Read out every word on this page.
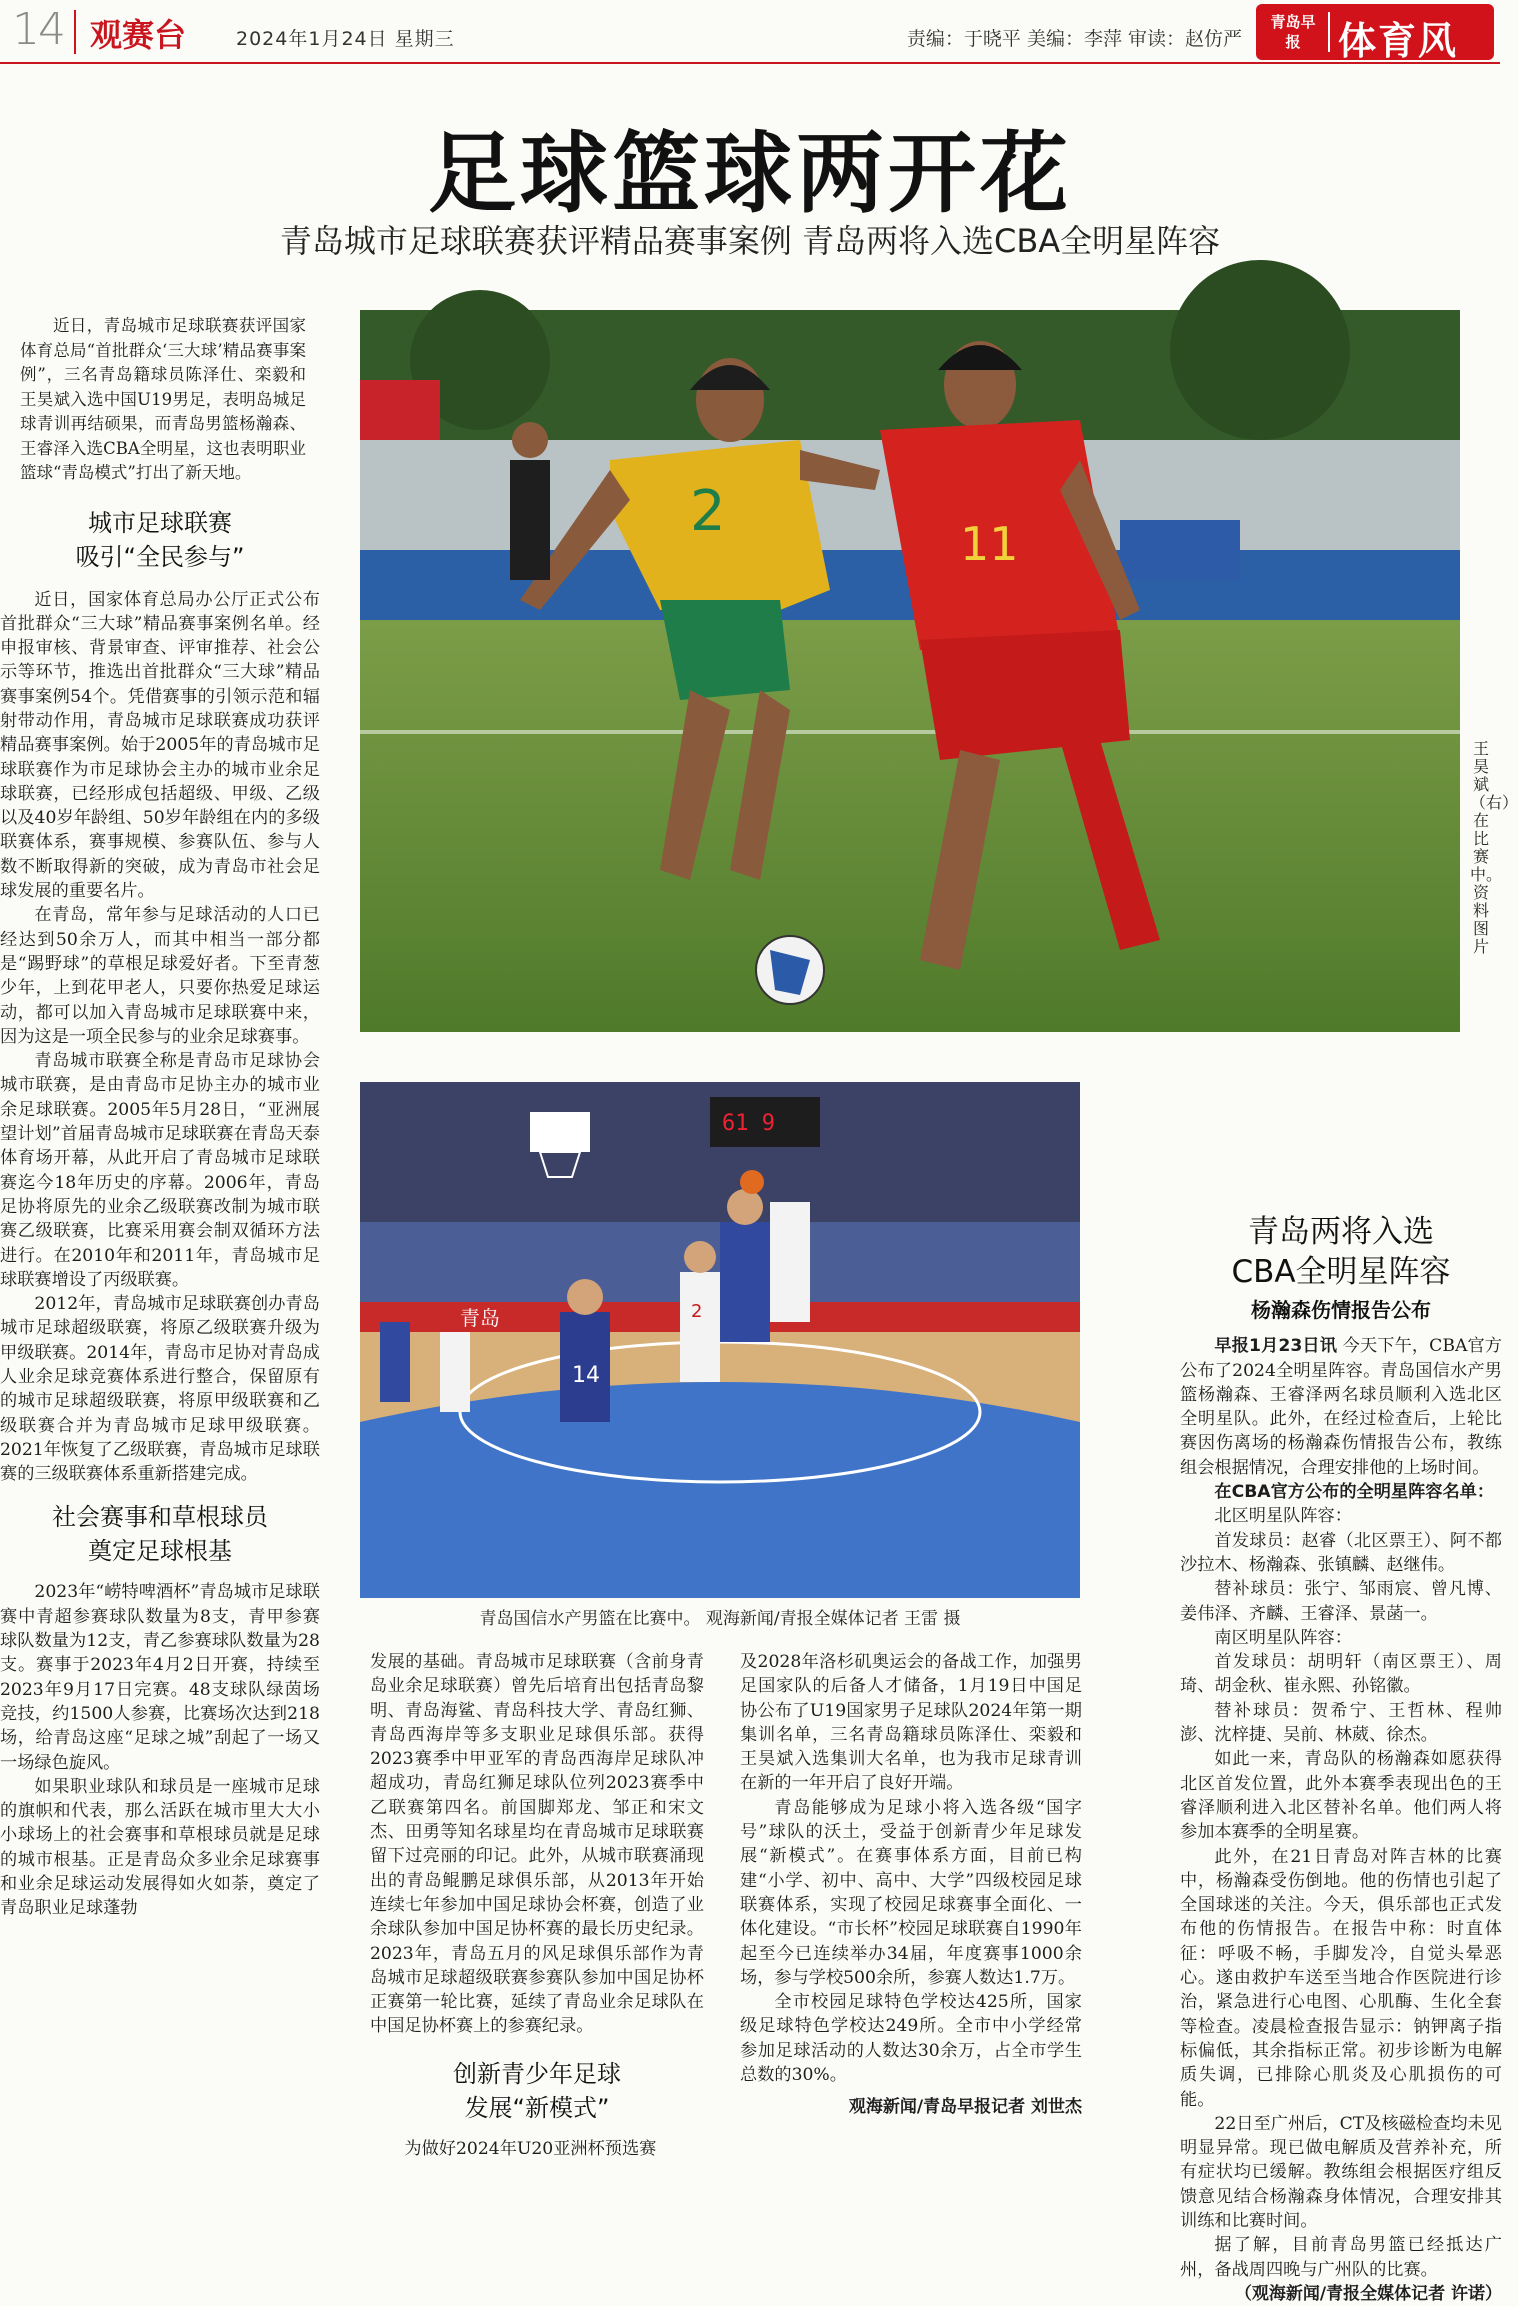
14 观赛台	2024年1月24日 星期三	责编：于晓平 美编：李萍 审读：赵仿严
青岛早报 体育风
足球篮球两开花
青岛城市足球联赛获评精品赛事案例 青岛两将入选CBA全明星阵容
2	11
王昊斌（右）在比赛中。 资料图片
青岛
61 9
14
2
青岛国信水产男篮在比赛中。 观海新闻/青报全媒体记者 王雷 摄

近日，青岛城市足球联赛获评国家体育总局“首批群众‘三大球’精品赛事案例”，三名青岛籍球员陈泽仕、栾毅和王昊斌入选中国U19男足，表明岛城足球青训再结硕果，而青岛男篮杨瀚森、王睿泽入选CBA全明星，这也表明职业篮球“青岛模式”打出了新天地。

城市足球联赛
吸引“全民参与”

近日，国家体育总局办公厅正式公布首批群众“三大球”精品赛事案例名单。经申报审核、背景审查、评审推荐、社会公示等环节，推选出首批群众“三大球”精品赛事案例54个。凭借赛事的引领示范和辐射带动作用，青岛城市足球联赛成功获评精品赛事案例。始于2005年的青岛城市足球联赛作为市足球协会主办的城市业余足球联赛，已经形成包括超级、甲级、乙级以及40岁年龄组、50岁年龄组在内的多级联赛体系，赛事规模、参赛队伍、参与人数不断取得新的突破，成为青岛市社会足球发展的重要名片。

在青岛，常年参与足球活动的人口已经达到50余万人，而其中相当一部分都是“踢野球”的草根足球爱好者。下至青葱少年，上到花甲老人，只要你热爱足球运动，都可以加入青岛城市足球联赛中来，因为这是一项全民参与的业余足球赛事。

青岛城市联赛全称是青岛市足球协会城市联赛，是由青岛市足协主办的城市业余足球联赛。2005年5月28日，“亚洲展望计划”首届青岛城市足球联赛在青岛天泰体育场开幕，从此开启了青岛城市足球联赛迄今18年历史的序幕。2006年，青岛足协将原先的业余乙级联赛改制为城市联赛乙级联赛，比赛采用赛会制双循环方法进行。在2010年和2011年，青岛城市足球联赛增设了丙级联赛。

2012年，青岛城市足球联赛创办青岛城市足球超级联赛，将原乙级联赛升级为甲级联赛。2014年，青岛市足协对青岛成人业余足球竞赛体系进行整合，保留原有的城市足球超级联赛，将原甲级联赛和乙级联赛合并为青岛城市足球甲级联赛。2021年恢复了乙级联赛，青岛城市足球联赛的三级联赛体系重新搭建完成。

社会赛事和草根球员
奠定足球根基

2023年“崂特啤酒杯”青岛城市足球联赛中青超参赛球队数量为8支，青甲参赛球队数量为12支，青乙参赛球队数量为28支。赛事于2023年4月2日开赛，持续至2023年9月17日完赛。48支球队绿茵场竞技，约1500人参赛，比赛场次达到218场，给青岛这座“足球之城”刮起了一场又一场绿色旋风。

如果职业球队和球员是一座城市足球的旗帜和代表，那么活跃在城市里大大小小球场上的社会赛事和草根球员就是足球的城市根基。正是青岛众多业余足球赛事和业余足球运动发展得如火如荼，奠定了青岛职业足球蓬勃

发展的基础。青岛城市足球联赛（含前身青岛业余足球联赛）曾先后培育出包括青岛黎明、青岛海鲨、青岛科技大学、青岛红狮、青岛西海岸等多支职业足球俱乐部。获得2023赛季中甲亚军的青岛西海岸足球队冲超成功，青岛红狮足球队位列2023赛季中乙联赛第四名。前国脚郑龙、邹正和宋文杰、田勇等知名球星均在青岛城市足球联赛留下过亮丽的印记。此外，从城市联赛涌现出的青岛鲲鹏足球俱乐部，从2013年开始连续七年参加中国足球协会杯赛，创造了业余球队参加中国足协杯赛的最长历史纪录。2023年，青岛五月的风足球俱乐部作为青岛城市足球超级联赛参赛队参加中国足协杯正赛第一轮比赛，延续了青岛业余足球队在中国足协杯赛上的参赛纪录。

创新青少年足球
发展“新模式”

为做好2024年U20亚洲杯预选赛

及2028年洛杉矶奥运会的备战工作，加强男足国家队的后备人才储备，1月19日中国足协公布了U19国家男子足球队2024年第一期集训名单，三名青岛籍球员陈泽仕、栾毅和王昊斌入选集训大名单，也为我市足球青训在新的一年开启了良好开端。

青岛能够成为足球小将入选各级“国字号”球队的沃土，受益于创新青少年足球发展“新模式”。在赛事体系方面，目前已构建“小学、初中、高中、大学”四级校园足球联赛体系，实现了校园足球赛事全面化、一体化建设。“市长杯”校园足球联赛自1990年起至今已连续举办34届，年度赛事1000余场，参与学校500余所，参赛人数达1.7万。

全市校园足球特色学校达425所，国家级足球特色学校达249所。全市中小学经常参加足球活动的人数达30余万，占全市学生总数的30%。

观海新闻/青岛早报记者 刘世杰
青岛两将入选
CBA全明星阵容
杨瀚森伤情报告公布

早报1月23日讯 今天下午，CBA官方公布了2024全明星阵容。青岛国信水产男篮杨瀚森、王睿泽两名球员顺利入选北区全明星队。此外，在经过检查后，上轮比赛因伤离场的杨瀚森伤情报告公布，教练组会根据情况，合理安排他的上场时间。

在CBA官方公布的全明星阵容名单：

北区明星队阵容：

首发球员：赵睿（北区票王）、阿不都沙拉木、杨瀚森、张镇麟、赵继伟。

替补球员：张宁、邹雨宸、曾凡博、姜伟泽、齐麟、王睿泽、景菡一。

南区明星队阵容：

首发球员：胡明轩（南区票王）、周琦、胡金秋、崔永熙、孙铭徽。

替补球员：贺希宁、王哲林、程帅澎、沈梓捷、吴前、林葳、徐杰。

如此一来，青岛队的杨瀚森如愿获得北区首发位置，此外本赛季表现出色的王睿泽顺利进入北区替补名单。他们两人将参加本赛季的全明星赛。

此外，在21日青岛对阵吉林的比赛中，杨瀚森受伤倒地。他的伤情也引起了全国球迷的关注。今天，俱乐部也正式发布他的伤情报告。在报告中称：时直体征：呼吸不畅，手脚发冷，自觉头晕恶心。遂由救护车送至当地合作医院进行诊治，紧急进行心电图、心肌酶、生化全套等检查。凌晨检查报告显示：钠钾离子指标偏低，其余指标正常。初步诊断为电解质失调，已排除心肌炎及心肌损伤的可能。

22日至广州后，CT及核磁检查均未见明显异常。现已做电解质及营养补充，所有症状均已缓解。教练组会根据医疗组反馈意见结合杨瀚森身体情况，合理安排其训练和比赛时间。

据了解，目前青岛男篮已经抵达广州，备战周四晚与广州队的比赛。

（观海新闻/青报全媒体记者 许诺）
